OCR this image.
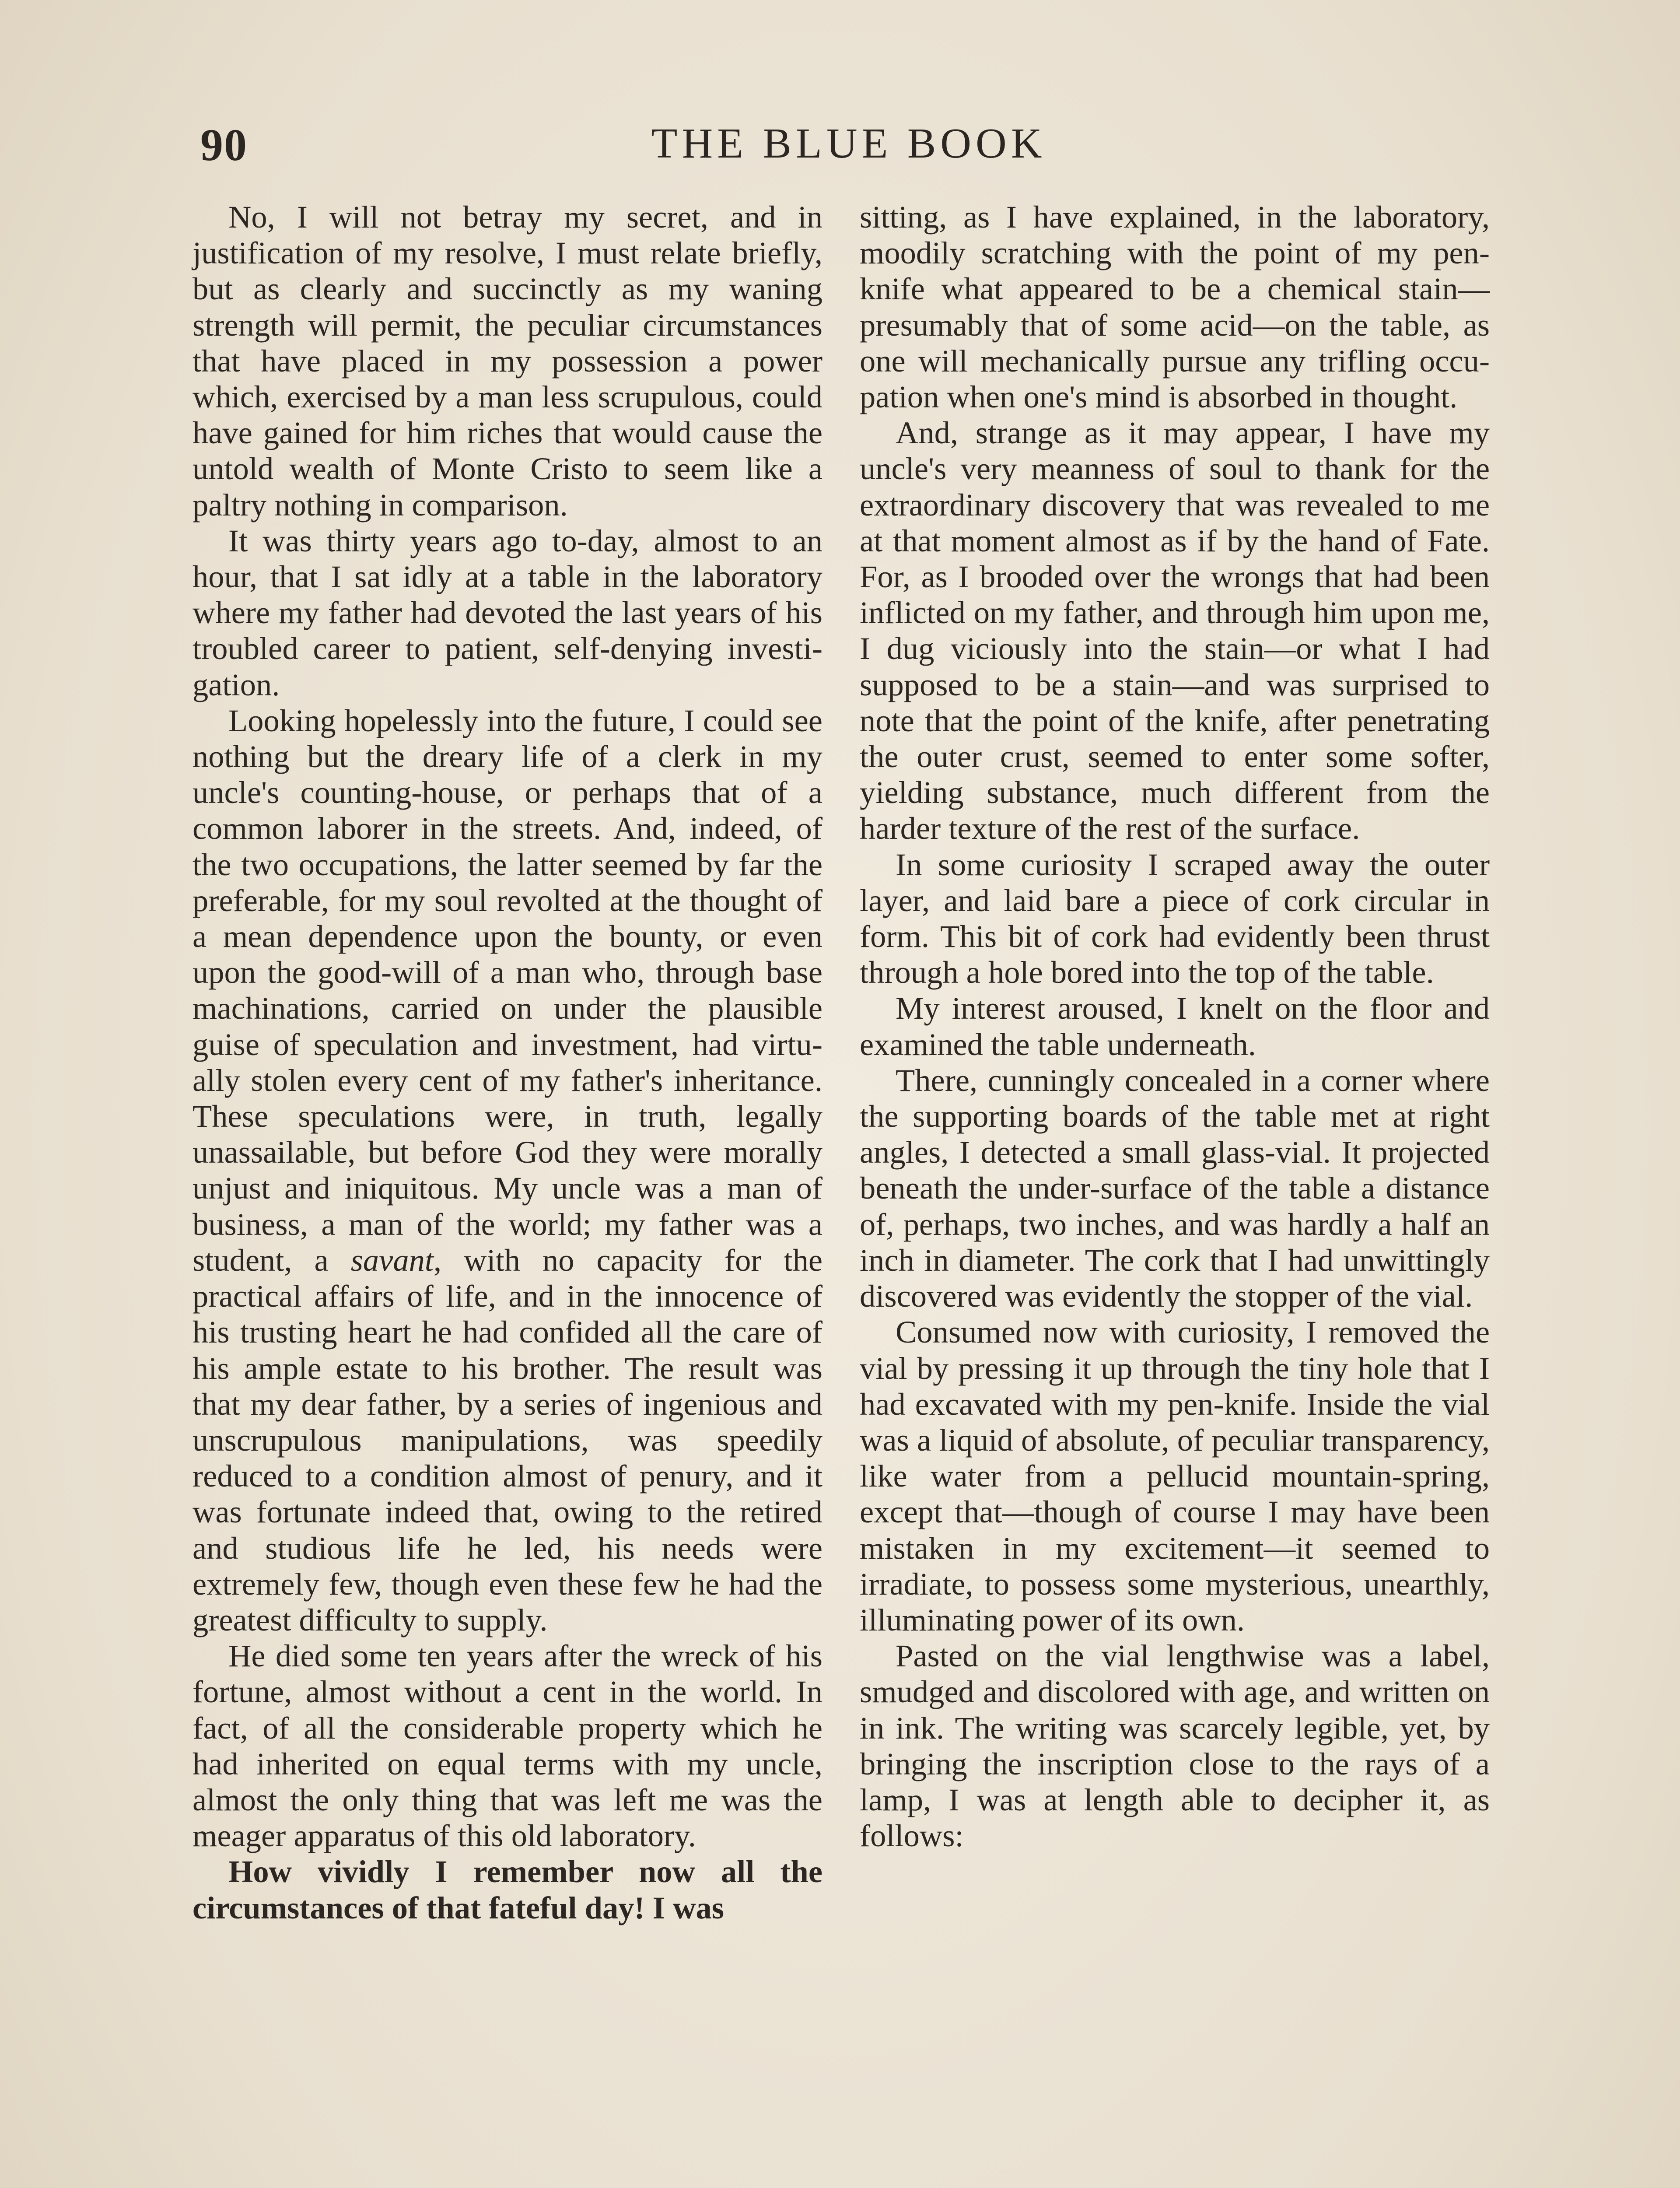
90	THE BLUE BOOK

No, I will not betray my secret, and in justification of my resolve, I must relate briefly, but as clearly and succinctly as my waning strength will permit, the peculiar circumstances that have placed in my possession a power which, exercised by a man less scrupulous, could have gained for him riches that would cause the untold wealth of Monte Cristo to seem like a paltry nothing in comparison.

It was thirty years ago to-day, almost to an hour, that I sat idly at a table in the laboratory where my father had devoted the last years of his troubled career to patient, self-denying investigation.

Looking hopelessly into the future, I could see nothing but the dreary life of a clerk in my uncle's counting-house, or perhaps that of a common laborer in the streets. And, indeed, of the two occupations, the latter seemed by far the preferable, for my soul revolted at the thought of a mean dependence upon the bounty, or even upon the good-will of a man who, through base machinations, carried on under the plausible guise of speculation and investment, had virtually stolen every cent of my father's inheritance. These speculations were, in truth, legally unassailable, but before God they were morally unjust and iniquitous. My uncle was a man of business, a man of the world; my father was a student, a savant, with no capacity for the practical affairs of life, and in the innocence of his trusting heart he had confided all the care of his ample estate to his brother. The result was that my dear father, by a series of ingenious and unscrupulous manipulations, was speedily reduced to a condition almost of penury, and it was fortunate indeed that, owing to the retired and studious life he led, his needs were extremely few, though even these few he had the greatest difficulty to supply.

He died some ten years after the wreck of his fortune, almost without a cent in the world. In fact, of all the considerable property which he had inherited on equal terms with my uncle, almost the only thing that was left me was the meager apparatus of this old laboratory.

How vividly I remember now all the circumstances of that fateful day! I was

sitting, as I have explained, in the laboratory, moodily scratching with the point of my pen-knife what appeared to be a chemical stain—presumably that of some acid—on the table, as one will mechanically pursue any trifling occupation when one's mind is absorbed in thought.

And, strange as it may appear, I have my uncle's very meanness of soul to thank for the extraordinary discovery that was revealed to me at that moment almost as if by the hand of Fate. For, as I brooded over the wrongs that had been inflicted on my father, and through him upon me, I dug viciously into the stain—or what I had supposed to be a stain—and was surprised to note that the point of the knife, after penetrating the outer crust, seemed to enter some softer, yielding substance, much different from the harder texture of the rest of the surface.

In some curiosity I scraped away the outer layer, and laid bare a piece of cork circular in form. This bit of cork had evidently been thrust through a hole bored into the top of the table.

My interest aroused, I knelt on the floor and examined the table underneath.

There, cunningly concealed in a corner where the supporting boards of the table met at right angles, I detected a small glass-vial. It projected beneath the under-surface of the table a distance of, perhaps, two inches, and was hardly a half an inch in diameter. The cork that I had unwittingly discovered was evidently the stopper of the vial.

Consumed now with curiosity, I removed the vial by pressing it up through the tiny hole that I had excavated with my pen-knife. Inside the vial was a liquid of absolute, of peculiar transparency, like water from a pellucid mountain-spring, except that—though of course I may have been mistaken in my excitement—it seemed to irradiate, to possess some mysterious, unearthly, illuminating power of its own.

Pasted on the vial lengthwise was a label, smudged and discolored with age, and written on in ink. The writing was scarcely legible, yet, by bringing the inscription close to the rays of a lamp, I was at length able to decipher it, as follows:
